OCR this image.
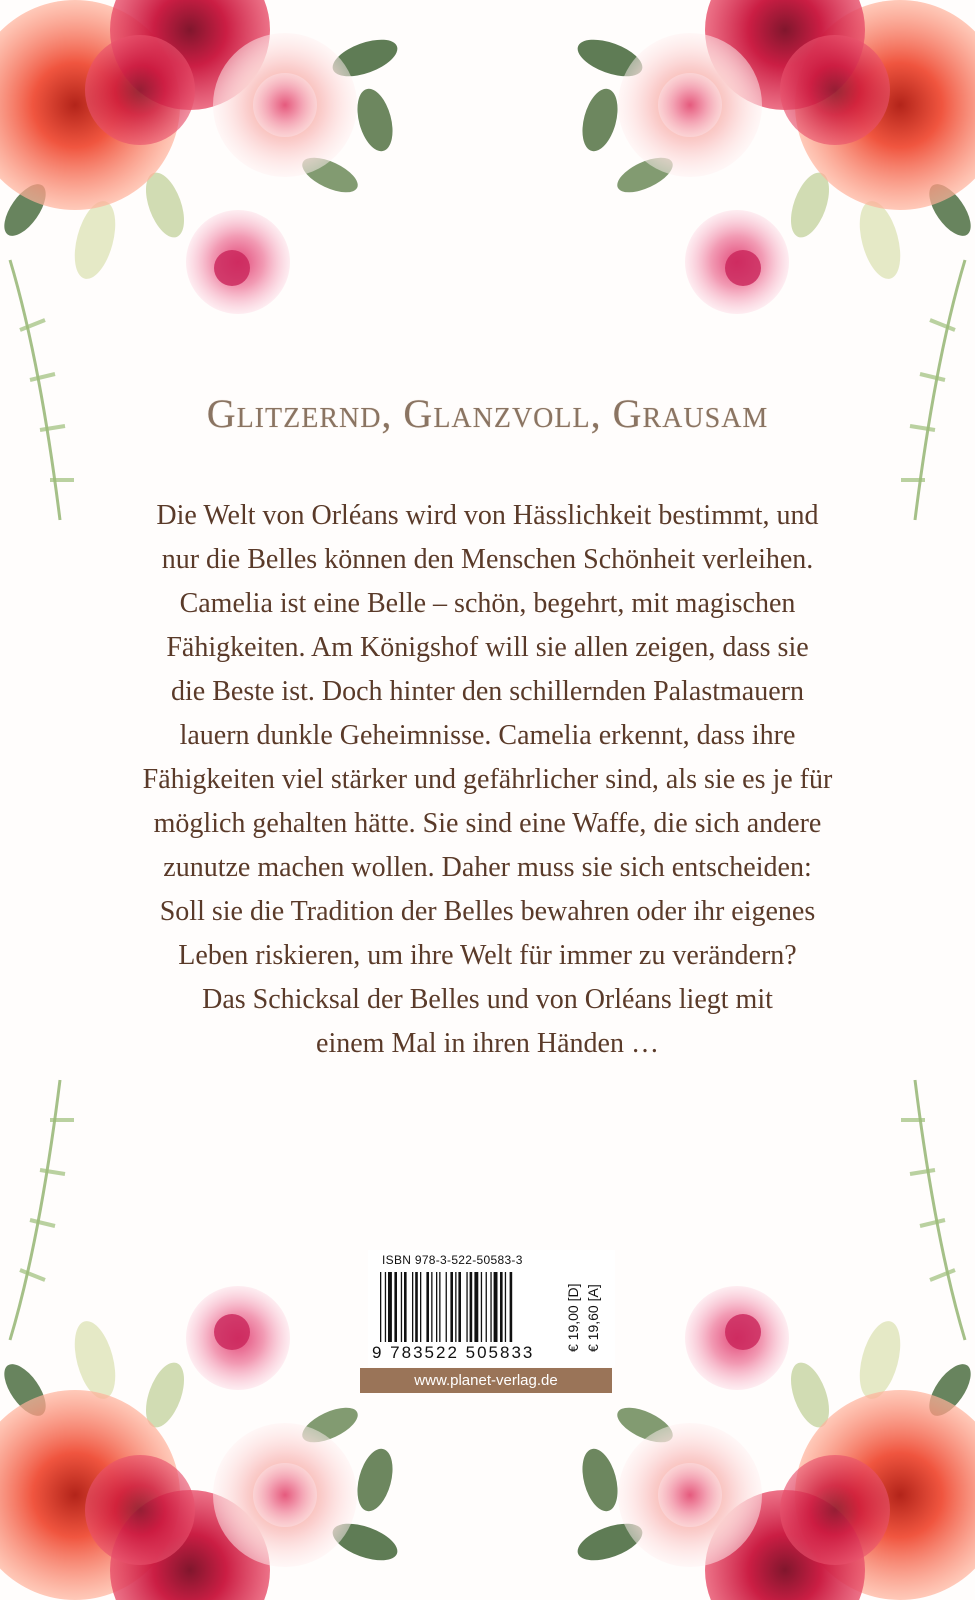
Glitzernd, Glanzvoll, Grausam

Die Welt von Orléans wird von Hässlichkeit bestimmt, und

nur die Belles können den Menschen Schönheit verleihen.

Camelia ist eine Belle – schön, begehrt, mit magischen

Fähigkeiten. Am Königshof will sie allen zeigen, dass sie

die Beste ist. Doch hinter den schillernden Palastmauern

lauern dunkle Geheimnisse. Camelia erkennt, dass ihre

Fähigkeiten viel stärker und gefährlicher sind, als sie es je für

möglich gehalten hätte. Sie sind eine Waffe, die sich andere

zunutze machen wollen. Daher muss sie sich entscheiden:

Soll sie die Tradition der Belles bewahren oder ihr eigenes

Leben riskieren, um ihre Welt für immer zu verändern?

Das Schicksal der Belles und von Orléans liegt mit

einem Mal in ihren Händen …

ISBN 978-3-522-50583-3
9 783522 505833
€ 19,00 [D] € 19,60 [A]
www.planet-verlag.de
